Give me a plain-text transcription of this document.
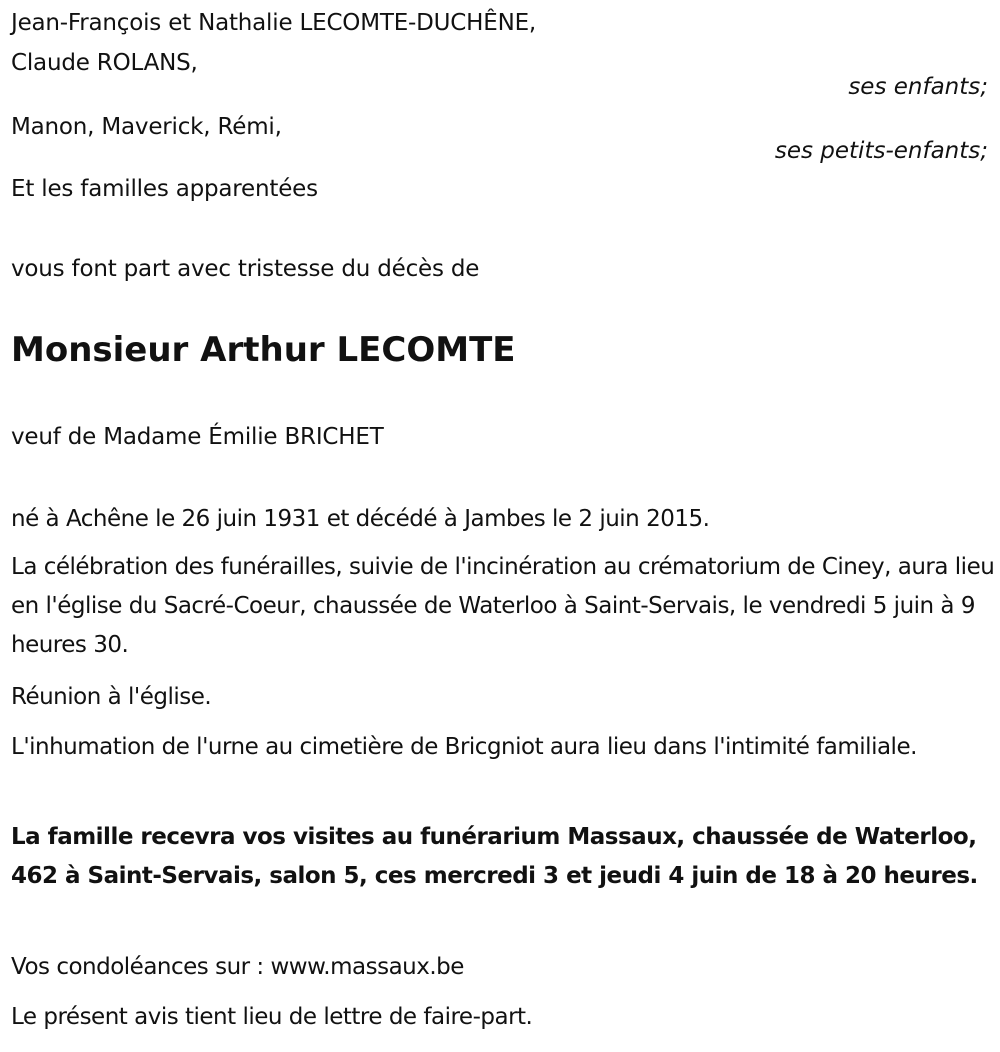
Jean-François et Nathalie LECOMTE-DUCHÊNE,
Claude ROLANS,
ses enfants;
Manon, Maverick, Rémi,
ses petits-enfants;
Et les familles apparentées
vous font part avec tristesse du décès de
Monsieur Arthur LECOMTE
veuf de Madame Émilie BRICHET
né à Achêne le 26 juin 1931 et décédé à Jambes le 2 juin 2015.
La célébration des funérailles, suivie de l'incinération au crématorium de Ciney, aura lieu en l'église du Sacré-Coeur, chaussée de Waterloo à Saint-Servais, le vendredi 5 juin à 9 heures 30.
Réunion à l'église.
L'inhumation de l'urne au cimetière de Bricgniot aura lieu dans l'intimité familiale.
La famille recevra vos visites au funérarium Massaux, chaussée de Waterloo, 462 à Saint-Servais, salon 5, ces mercredi 3 et jeudi 4 juin de 18 à 20 heures.
Vos condoléances sur : www.massaux.be
Le présent avis tient lieu de lettre de faire-part.
